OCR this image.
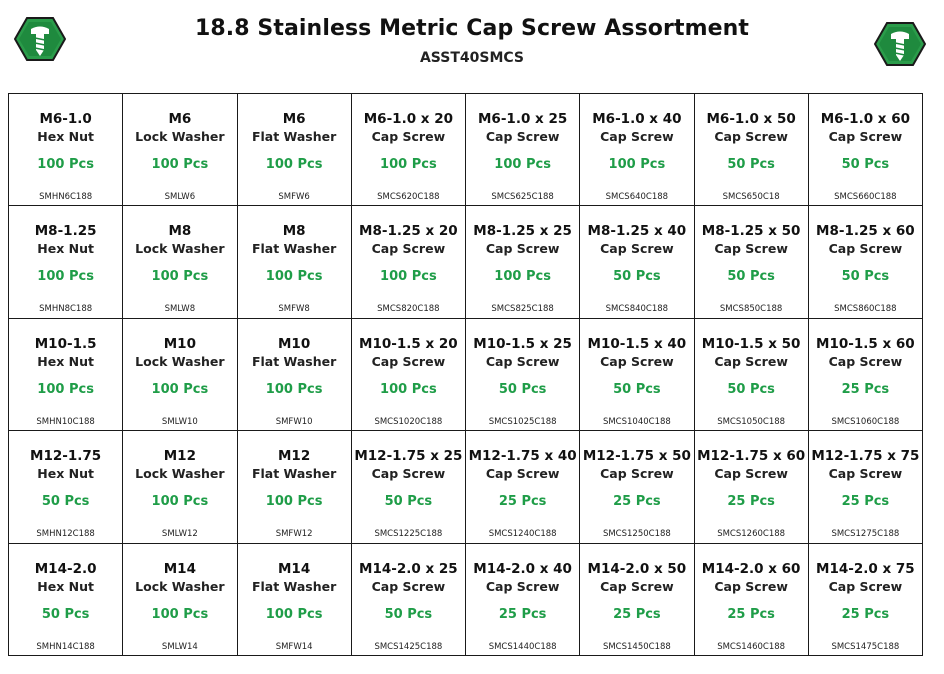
18.8 Stainless Metric Cap Screw Assortment
ASST40SMCS
M6-1.0
Hex Nut
100 Pcs
SMHN6C188
M6
Lock Washer
100 Pcs
SMLW6
M6
Flat Washer
100 Pcs
SMFW6
M6-1.0 x 20
Cap Screw
100 Pcs
SMCS620C188
M6-1.0 x 25
Cap Screw
100 Pcs
SMCS625C188
M6-1.0 x 40
Cap Screw
100 Pcs
SMCS640C188
M6-1.0 x 50
Cap Screw
50 Pcs
SMCS650C18
M6-1.0 x 60
Cap Screw
50 Pcs
SMCS660C188
M8-1.25
Hex Nut
100 Pcs
SMHN8C188
M8
Lock Washer
100 Pcs
SMLW8
M8
Flat Washer
100 Pcs
SMFW8
M8-1.25 x 20
Cap Screw
100 Pcs
SMCS820C188
M8-1.25 x 25
Cap Screw
100 Pcs
SMCS825C188
M8-1.25 x 40
Cap Screw
50 Pcs
SMCS840C188
M8-1.25 x 50
Cap Screw
50 Pcs
SMCS850C188
M8-1.25 x 60
Cap Screw
50 Pcs
SMCS860C188
M10-1.5
Hex Nut
100 Pcs
SMHN10C188
M10
Lock Washer
100 Pcs
SMLW10
M10
Flat Washer
100 Pcs
SMFW10
M10-1.5 x 20
Cap Screw
100 Pcs
SMCS1020C188
M10-1.5 x 25
Cap Screw
50 Pcs
SMCS1025C188
M10-1.5 x 40
Cap Screw
50 Pcs
SMCS1040C188
M10-1.5 x 50
Cap Screw
50 Pcs
SMCS1050C188
M10-1.5 x 60
Cap Screw
25 Pcs
SMCS1060C188
M12-1.75
Hex Nut
50 Pcs
SMHN12C188
M12
Lock Washer
100 Pcs
SMLW12
M12
Flat Washer
100 Pcs
SMFW12
M12-1.75 x 25
Cap Screw
50 Pcs
SMCS1225C188
M12-1.75 x 40
Cap Screw
25 Pcs
SMCS1240C188
M12-1.75 x 50
Cap Screw
25 Pcs
SMCS1250C188
M12-1.75 x 60
Cap Screw
25 Pcs
SMCS1260C188
M12-1.75 x 75
Cap Screw
25 Pcs
SMCS1275C188
M14-2.0
Hex Nut
50 Pcs
SMHN14C188
M14
Lock Washer
100 Pcs
SMLW14
M14
Flat Washer
100 Pcs
SMFW14
M14-2.0 x 25
Cap Screw
50 Pcs
SMCS1425C188
M14-2.0 x 40
Cap Screw
25 Pcs
SMCS1440C188
M14-2.0 x 50
Cap Screw
25 Pcs
SMCS1450C188
M14-2.0 x 60
Cap Screw
25 Pcs
SMCS1460C188
M14-2.0 x 75
Cap Screw
25 Pcs
SMCS1475C188
